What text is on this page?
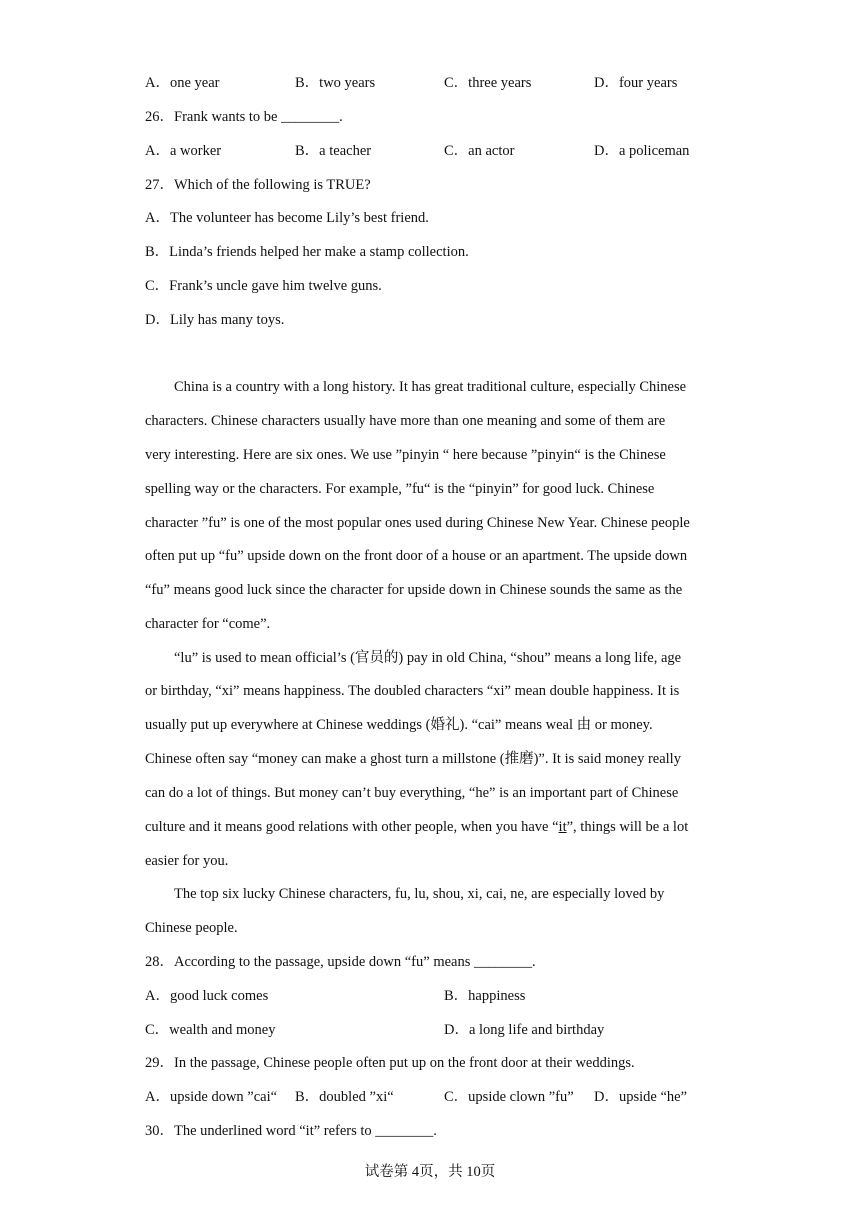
A．one year	B．two years	C．three years	D．four years
26．Frank wants to be ________.
A．a worker	B．a teacher	C．an actor	D．a policeman
27．Which of the following is TRUE?
A．The volunteer has become Lily’s best friend.
B．Linda’s friends helped her make a stamp collection.
C．Frank’s uncle gave him twelve guns.
D．Lily has many toys.
China is a country with a long history. It has great traditional culture, especially Chinese
characters. Chinese characters usually have more than one meaning and some of them are
very interesting. Here are six ones. We use ”pinyin “ here because ”pinyin“ is the Chinese
spelling way or the characters. For example, ”fu“ is the “pinyin” for good luck. Chinese
character ”fu” is one of the most popular ones used during Chinese New Year. Chinese people
often put up “fu” upside down on the front door of a house or an apartment. The upside down
“fu” means good luck since the character for upside down in Chinese sounds the same as the
character for “come”.
“lu” is used to mean official’s (官员的) pay in old China, “shou” means a long life, age
or birthday, “xi” means happiness. The doubled characters “xi” mean double happiness. It is
usually put up everywhere at Chinese weddings (婚礼). “cai” means weal 由 or money.
Chinese often say “money can make a ghost turn a millstone (推磨)”. It is said money really
can do a lot of things. But money can’t buy everything, “he” is an important part of Chinese
culture and it means good relations with other people, when you have “it”, things will be a lot
easier for you.
The top six lucky Chinese characters, fu, lu, shou, xi, cai, ne, are especially loved by
Chinese people.
28．According to the passage, upside down “fu” means ________.
A．good luck comes	B．happiness
C．wealth and money	D．a long life and birthday
29．In the passage, Chinese people often put up on the front door at their weddings.
A．upside down ”cai“ B．doubled ”xi“	C．upside clown ”fu” D．upside “he”
30．The underlined word “it” refers to ________.
试卷第 4页，共 10页
